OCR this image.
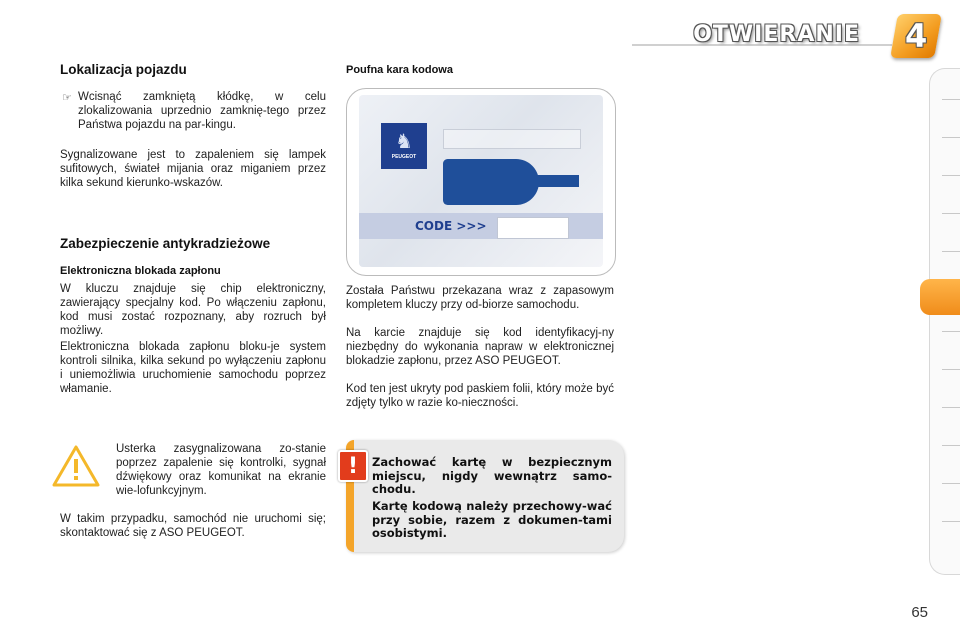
OTWIERANIE 4
Lokalizacja pojazdu
☞ Wcisnąć zamkniętą kłódkę, w celu zlokalizowania uprzednio zamknię-tego przez Państwa pojazdu na par-kingu.

Sygnalizowane jest to zapaleniem się lampek sufitowych, świateł mijania oraz miganiem przez kilka sekund kierunko-wskazów.

Zabezpieczenie antykradzieżowe
Elektroniczna blokada zapłonu

W kluczu znajduje się chip elektroniczny, zawierający specjalny kod. Po włączeniu zapłonu, kod musi zostać rozpoznany, aby rozruch był możliwy.

Elektroniczna blokada zapłonu bloku-je system kontroli silnika, kilka sekund po wyłączeniu zapłonu i uniemożliwia uruchomienie samochodu poprzez włamanie.

Usterka zasygnalizowana zo-stanie poprzez zapalenie się kontrolki, sygnał dźwiękowy oraz komunikat na ekranie wie-lofunkcyjnym.

W takim przypadku, samochód nie uruchomi się; skontaktować się z ASO PEUGEOT.

Poufna kara kodowa
♞
PEUGEOT
CODE >>>

Została Państwu przekazana wraz z zapasowym kompletem kluczy przy od-biorze samochodu.

Na karcie znajduje się kod identyfikacyj-ny niezbędny do wykonania napraw w elektronicznej blokadzie zapłonu, przez ASO PEUGEOT.

Kod ten jest ukryty pod paskiem folii, który może być zdjęty tylko w razie ko-nieczności.

!	Zachować kartę w bezpiecznym miejscu, nigdy wewnątrz samo-chodu.

Kartę kodową należy przechowy-wać przy sobie, razem z dokumen-tami osobistymi.

65
